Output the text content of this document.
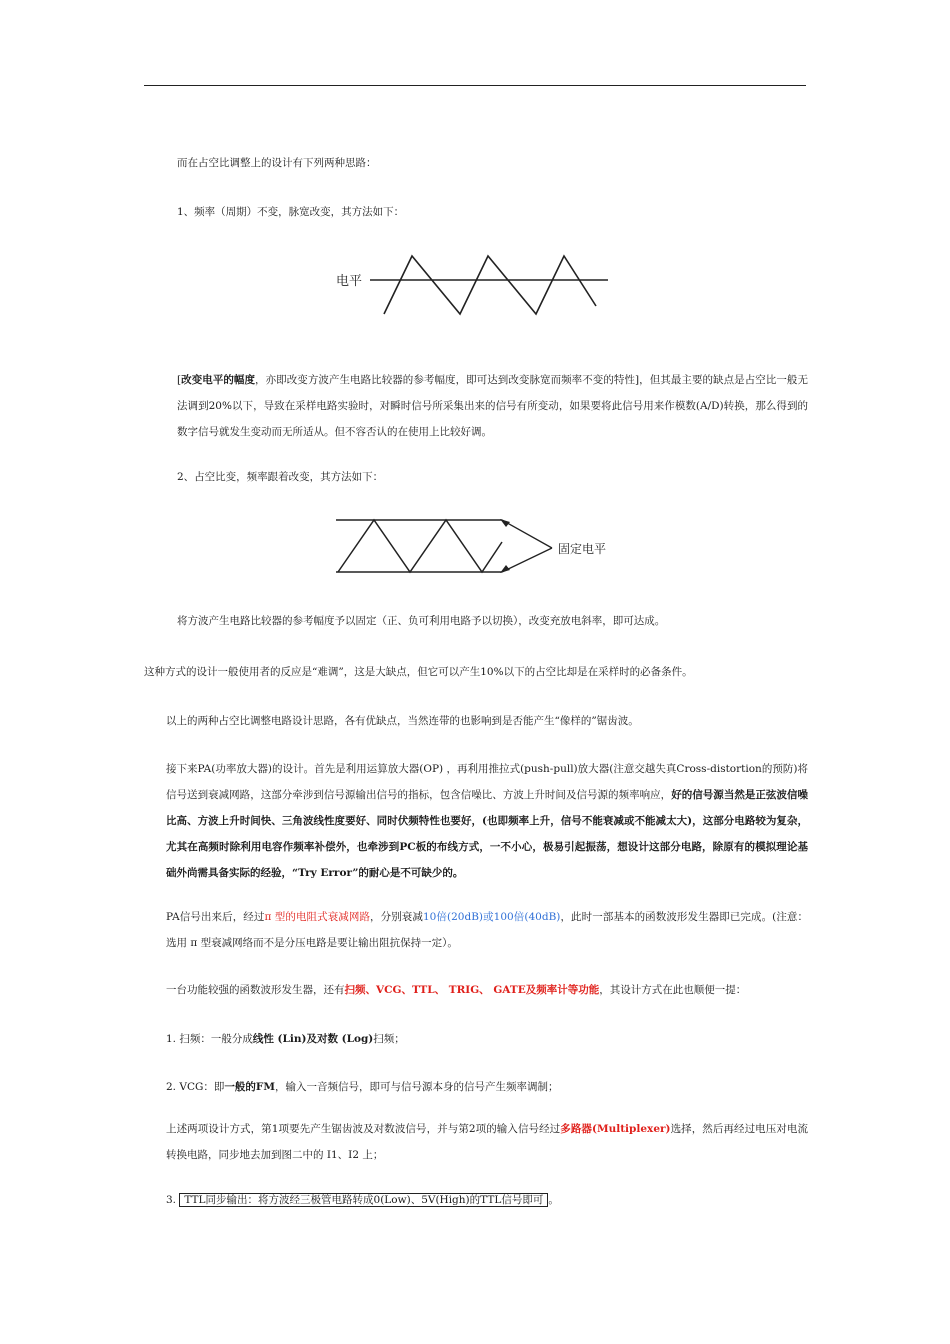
而在占空比调整上的设计有下列两种思路：
1、频率（周期）不变，脉宽改变，其方法如下：
电平
[改变电平的幅度，亦即改变方波产生电路比较器的参考幅度，即可达到改变脉宽而频率不变的特性]，但其最主要的缺点是占空比一般无法调到20%以下，导致在采样电路实验时，对瞬时信号所采集出来的信号有所变动，如果要将此信号用来作模数(A/D)转换，那么得到的数字信号就发生变动而无所适从。但不容否认的在使用上比较好调。
2、占空比变，频率跟着改变，其方法如下：
固定电平
将方波产生电路比较器的参考幅度予以固定（正、负可利用电路予以切换），改变充放电斜率，即可达成。
这种方式的设计一般使用者的反应是“难调”，这是大缺点，但它可以产生10%以下的占空比却是在采样时的必备条件。
以上的两种占空比调整电路设计思路，各有优缺点，当然连带的也影响到是否能产生“像样的”锯齿波。
接下来PA(功率放大器)的设计。首先是利用运算放大器(OP) ，再利用推拉式(push-pull)放大器(注意交越失真Cross-distortion的预防)将信号送到衰减网路，这部分牵涉到信号源输出信号的指标，包含信噪比、方波上升时间及信号源的频率响应，好的信号源当然是正弦波信噪比高、方波上升时间快、三角波线性度要好、同时伏频特性也要好，(也即频率上升，信号不能衰减或不能减太大)，这部分电路较为复杂，尤其在高频时除利用电容作频率补偿外，也牵涉到PC板的布线方式，一不小心，极易引起振荡，想设计这部分电路，除原有的模拟理论基础外尚需具备实际的经验，“Try Error”的耐心是不可缺少的。
PA信号出来后，经过π 型的电阻式衰减网路，分别衰减10倍(20dB)或100倍(40dB)，此时一部基本的函数波形发生器即已完成。(注意：选用 π 型衰减网络而不是分压电路是要让输出阻抗保持一定）。
一台功能较强的函数波形发生器，还有扫频、VCG、TTL、 TRIG、 GATE及频率计等功能，其设计方式在此也顺便一提：
1. 扫频：一般分成线性 (Lin)及对数 (Log)扫频；
2. VCG：即一般的FM，输入一音频信号，即可与信号源本身的信号产生频率调制；
上述两项设计方式，第1项要先产生锯齿波及对数波信号，并与第2项的输入信号经过多路器(Multiplexer)选择，然后再经过电压对电流转换电路，同步地去加到图二中的 I1、I2 上；
3. TTL同步输出：将方波经三极管电路转成0(Low)、5V(High)的TTL信号即可 。
